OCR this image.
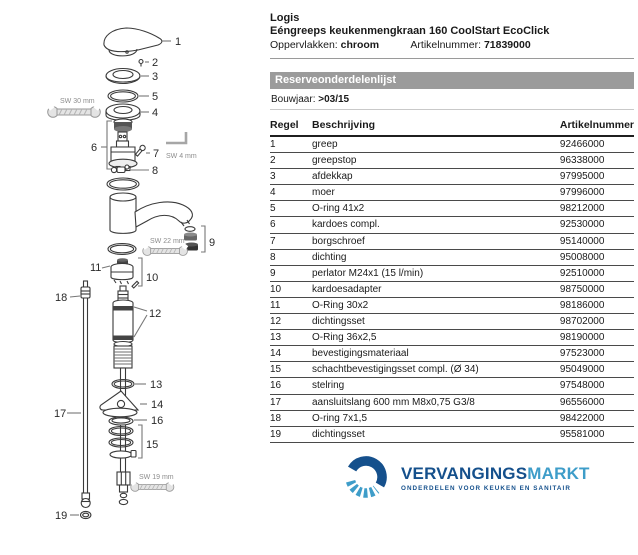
1
2
3
5
4
6	7
8
9
10
11
12
13
14
16
15
17
18
19
SW 30 mm
SW 4 mm
SW 22 mm
SW 19 mm
Logis
Eéngreeps keukenmengkraan 160 CoolStart EcoClick
Oppervlakken: chroom	Artikelnummer: 71839000
Reserveonderdelenlijst
Bouwjaar: >03/15
Regel	Beschrijving	Artikelnummer
1	greep	92466000
2	greepstop	96338000
3	afdekkap	97995000
4	moer	97996000
5	O-ring 41x2	98212000
6	kardoes compl.	92530000
7	borgschroef	95140000
8	dichting	95008000
9	perlator M24x1 (15 l/min)	92510000
10	kardoesadapter	98750000
11	O-Ring 30x2	98186000
12	dichtingsset	98702000
13	O-Ring 36x2,5	98190000
14	bevestigingsmateriaal	97523000
15	schachtbevestigingsset compl. (Ø 34)	95049000
16	stelring	97548000
17	aansluitslang 600 mm M8x0,75 G3/8	96556000
18	O-ring 7x1,5	98422000
19	dichtingsset	95581000
VERVANGINGSMARKT
ONDERDELEN VOOR KEUKEN EN SANITAIR
